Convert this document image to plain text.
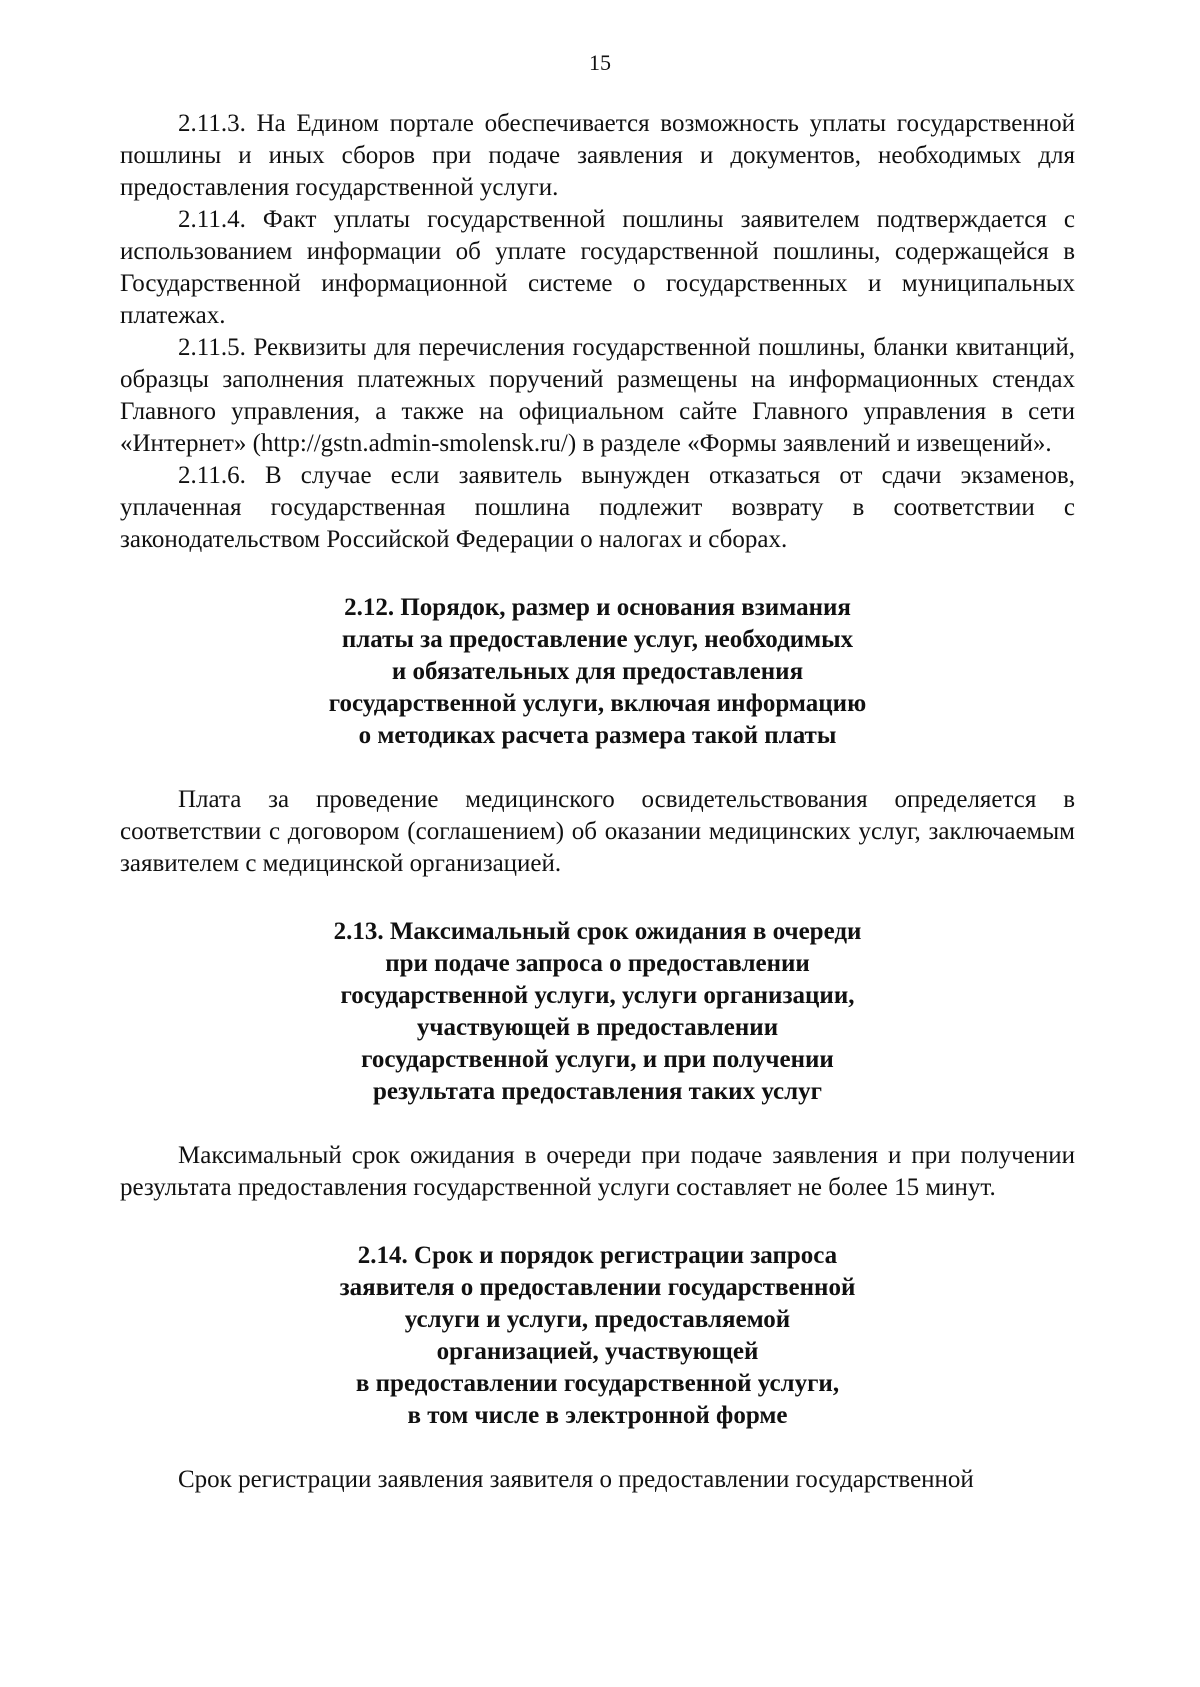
15

2.11.3. На Едином портале обеспечивается возможность уплаты государственной пошлины и иных сборов при подаче заявления и документов, необходимых для предоставления государственной услуги.

2.11.4. Факт уплаты государственной пошлины заявителем подтверждается с использованием информации об уплате государственной пошлины, содержащейся в Государственной информационной системе о государственных и муниципальных платежах.

2.11.5. Реквизиты для перечисления государственной пошлины, бланки квитанций, образцы заполнения платежных поручений размещены на информационных стендах Главного управления, а также на официальном сайте Главного управления в сети «Интернет» (http://gstn.admin-smolensk.ru/) в разделе «Формы заявлений и извещений».

2.11.6. В случае если заявитель вынужден отказаться от сдачи экзаменов, уплаченная государственная пошлина подлежит возврату в соответствии с законодательством Российской Федерации о налогах и сборах.

2.12. Порядок, размер и основания взимания
платы за предоставление услуг, необходимых
и обязательных для предоставления
государственной услуги, включая информацию
о методиках расчета размера такой платы

Плата за проведение медицинского освидетельствования определяется в соответствии с договором (соглашением) об оказании медицинских услуг, заключаемым заявителем с медицинской организацией.

2.13. Максимальный срок ожидания в очереди
при подаче запроса о предоставлении
государственной услуги, услуги организации,
участвующей в предоставлении
государственной услуги, и при получении
результата предоставления таких услуг

Максимальный срок ожидания в очереди при подаче заявления и при получении результата предоставления государственной услуги составляет не более 15 минут.

2.14. Срок и порядок регистрации запроса
заявителя о предоставлении государственной
услуги и услуги, предоставляемой
организацией, участвующей
в предоставлении государственной услуги,
в том числе в электронной форме

Срок регистрации заявления заявителя о предоставлении государственной
